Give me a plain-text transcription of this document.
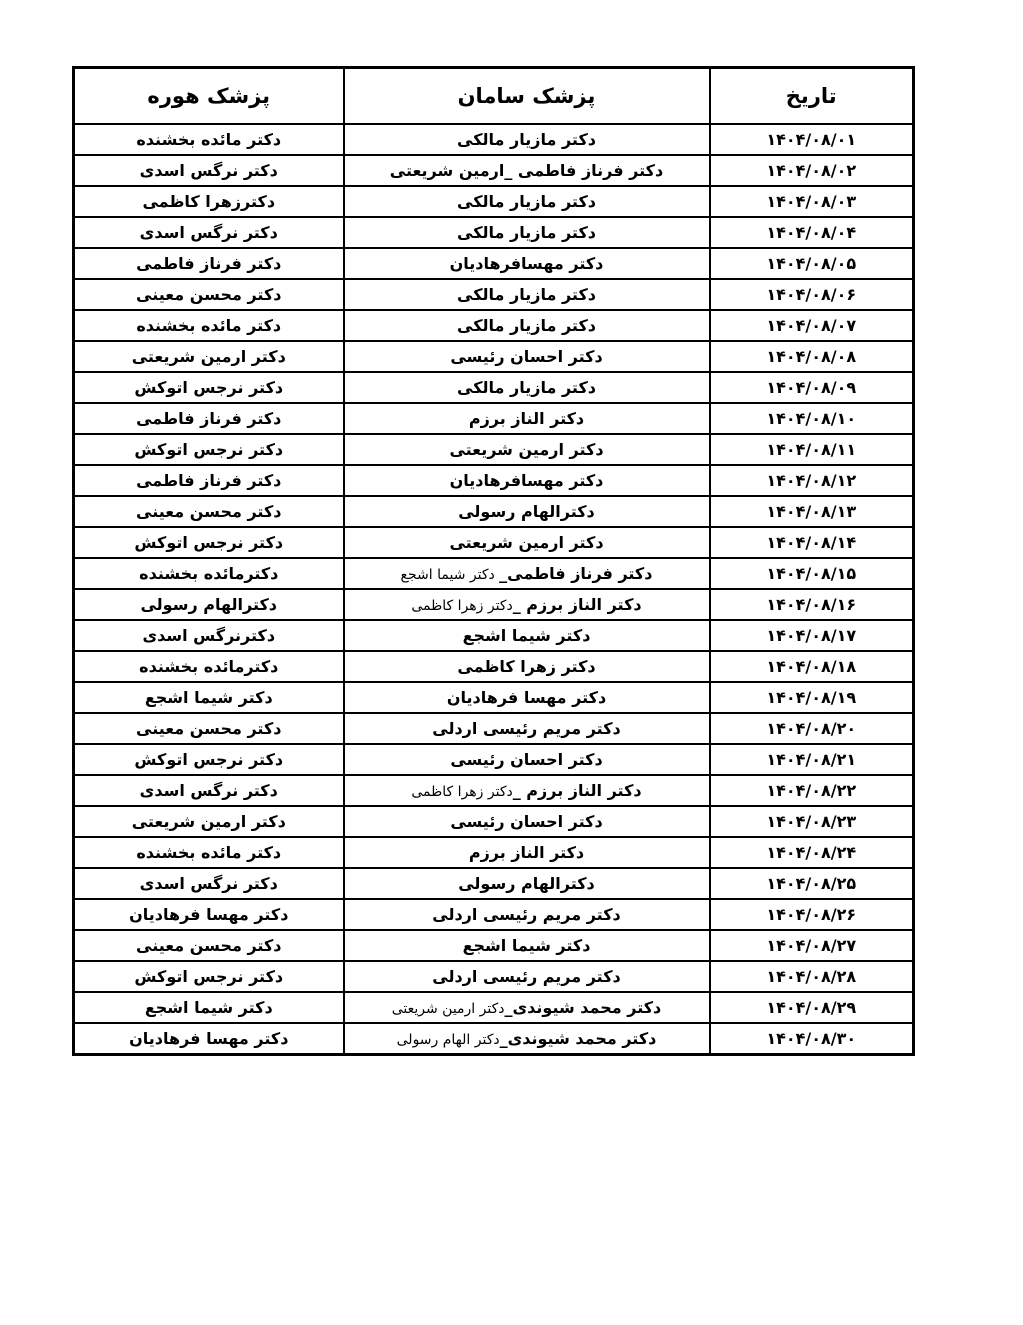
تاریخ	پزشک سامان	پزشک هوره
۱۴۰۴/۰۸/۰۱	دکتر مازیار مالکی	دکتر مائده بخشنده
۱۴۰۴/۰۸/۰۲	دکتر فرناز فاطمی _ارمین شریعتی	دکتر نرگس اسدی
۱۴۰۴/۰۸/۰۳	دکتر مازیار مالکی	دکترزهرا کاظمی
۱۴۰۴/۰۸/۰۴	دکتر مازیار مالکی	دکتر نرگس اسدی
۱۴۰۴/۰۸/۰۵	دکتر مهسافرهادیان	دکتر فرناز فاطمی
۱۴۰۴/۰۸/۰۶	دکتر مازیار مالکی	دکتر محسن معینی
۱۴۰۴/۰۸/۰۷	دکتر مازیار مالکی	دکتر مائده بخشنده
۱۴۰۴/۰۸/۰۸	دکتر احسان رئیسی	دکتر ارمین شریعتی
۱۴۰۴/۰۸/۰۹	دکتر مازیار مالکی	دکتر نرجس اتوکش
۱۴۰۴/۰۸/۱۰	دکتر الناز برزم	دکتر فرناز فاطمی
۱۴۰۴/۰۸/۱۱	دکتر ارمین شریعتی	دکتر نرجس اتوکش
۱۴۰۴/۰۸/۱۲	دکتر مهسافرهادیان	دکتر فرناز فاطمی
۱۴۰۴/۰۸/۱۳	دکترالهام رسولی	دکتر محسن معینی
۱۴۰۴/۰۸/۱۴	دکتر ارمین شریعتی	دکتر نرجس اتوکش
۱۴۰۴/۰۸/۱۵	دکتر فرناز فاطمی_ دکتر شیما اشجع	دکترمائده بخشنده
۱۴۰۴/۰۸/۱۶	دکتر الناز برزم _دکتر زهرا کاظمی	دکترالهام رسولی
۱۴۰۴/۰۸/۱۷	دکتر شیما اشجع	دکترنرگس اسدی
۱۴۰۴/۰۸/۱۸	دکتر زهرا کاظمی	دکترمائده بخشنده
۱۴۰۴/۰۸/۱۹	دکتر مهسا فرهادیان	دکتر شیما اشجع
۱۴۰۴/۰۸/۲۰	دکتر مریم رئیسی اردلی	دکتر محسن معینی
۱۴۰۴/۰۸/۲۱	دکتر احسان رئیسی	دکتر نرجس اتوکش
۱۴۰۴/۰۸/۲۲	دکتر الناز برزم _دکتر زهرا کاظمی	دکتر نرگس اسدی
۱۴۰۴/۰۸/۲۳	دکتر احسان رئیسی	دکتر ارمین شریعتی
۱۴۰۴/۰۸/۲۴	دکتر الناز برزم	دکتر مائده بخشنده
۱۴۰۴/۰۸/۲۵	دکترالهام رسولی	دکتر نرگس اسدی
۱۴۰۴/۰۸/۲۶	دکتر مریم رئیسی اردلی	دکتر مهسا فرهادیان
۱۴۰۴/۰۸/۲۷	دکتر شیما اشجع	دکتر محسن معینی
۱۴۰۴/۰۸/۲۸	دکتر مریم رئیسی اردلی	دکتر نرجس اتوکش
۱۴۰۴/۰۸/۲۹	دکتر محمد شیوندی_دکتر ارمین شریعتی	دکتر شیما اشجع
۱۴۰۴/۰۸/۳۰	دکتر محمد شیوندی_دکتر الهام رسولی	دکتر مهسا فرهادیان
